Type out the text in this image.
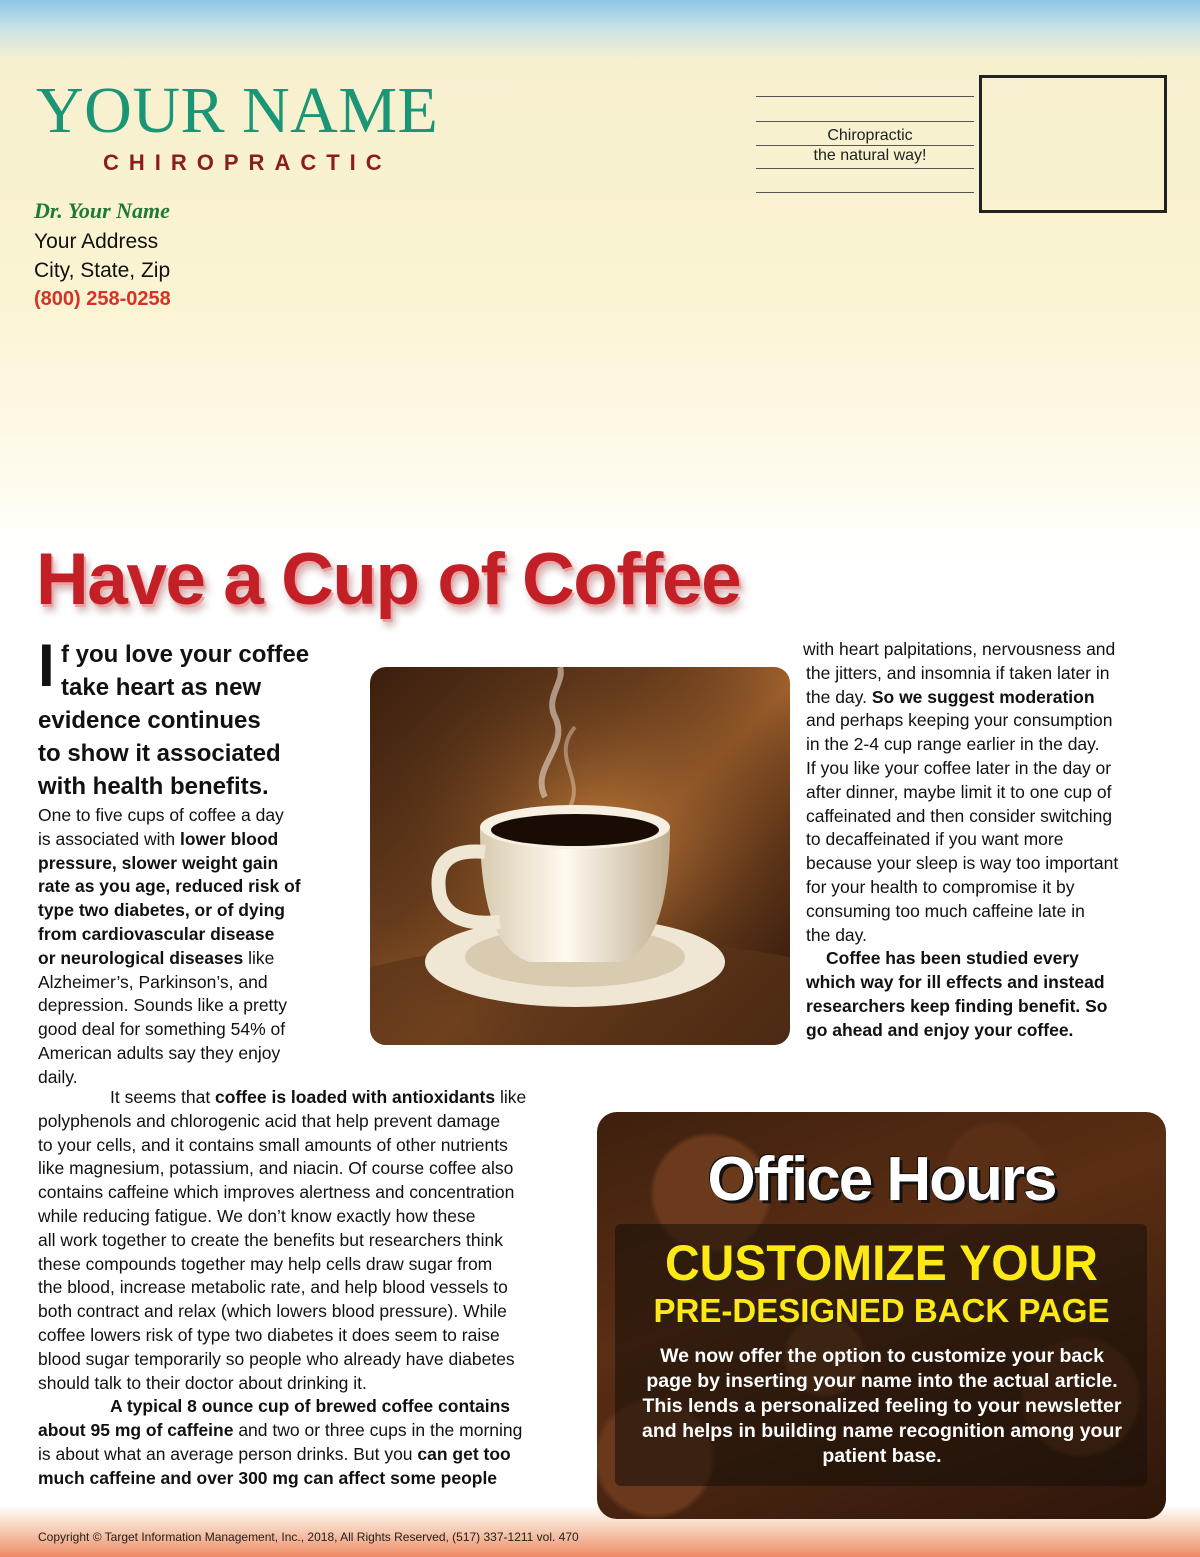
YOUR NAME
CHIROPRACTIC
Dr. Your Name
Your Address
City, State, Zip
(800) 258-0258
Chiropractic
the natural way!
Have a Cup of Coffee
I f you love your coffee
take heart as new
evidence continues
to show it associated
with health benefits.
One to five cups of coffee a day
is associated with lower blood
pressure, slower weight gain
rate as you age, reduced risk of
type two diabetes, or of dying
from cardiovascular disease
or neurological diseases like
Alzheimer’s, Parkinson’s, and
depression. Sounds like a pretty
good deal for something 54% of
American adults say they enjoy
daily.
It seems that coffee is loaded with antioxidants like
polyphenols and chlorogenic acid that help prevent damage
to your cells, and it contains small amounts of other nutrients
like magnesium, potassium, and niacin. Of course coffee also
contains caffeine which improves alertness and concentration
while reducing fatigue. We don’t know exactly how these
all work together to create the benefits but researchers think
these compounds together may help cells draw sugar from
the blood, increase metabolic rate, and help blood vessels to
both contract and relax (which lowers blood pressure). While
coffee lowers risk of type two diabetes it does seem to raise
blood sugar temporarily so people who already have diabetes
should talk to their doctor about drinking it.
A typical 8 ounce cup of brewed coffee contains
about 95 mg of caffeine and two or three cups in the morning
is about what an average person drinks. But you can get too
much caffeine and over 300 mg can affect some people
with heart palpitations, nervousness and
the jitters, and insomnia if taken later in
the day. So we suggest moderation
and perhaps keeping your consumption
in the 2-4 cup range earlier in the day.
If you like your coffee later in the day or
after dinner, maybe limit it to one cup of
caffeinated and then consider switching
to decaffeinated if you want more
because your sleep is way too important
for your health to compromise it by
consuming too much caffeine late in
the day.
Coffee has been studied every
which way for ill effects and instead
researchers keep finding benefit. So
go ahead and enjoy your coffee.
Office Hours
CUSTOMIZE YOUR
PRE-DESIGNED BACK PAGE
We now offer the option to customize your back page by inserting your name into the actual article. This lends a personalized feeling to your newsletter and helps in building name recognition among your patient base.
Copyright © Target Information Management, Inc., 2018, All Rights Reserved, (517) 337-1211 vol. 470
